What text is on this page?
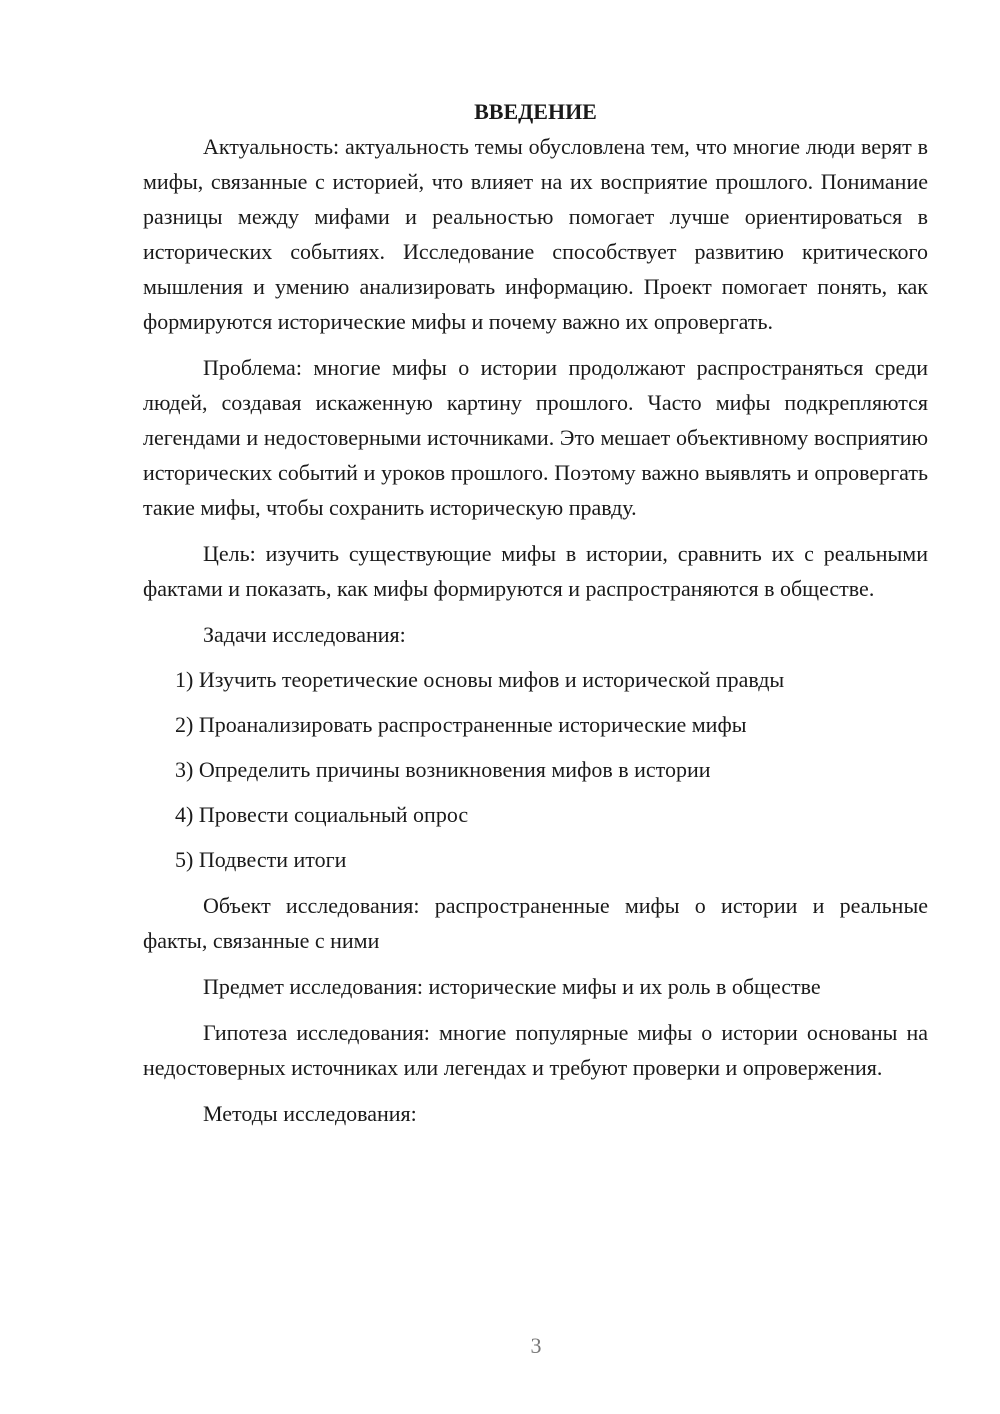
ВВЕДЕНИЕ

Актуальность: актуальность темы обусловлена тем, что многие люди верят в мифы, связанные с историей, что влияет на их восприятие прошлого. Понимание разницы между мифами и реальностью помогает лучше ориентироваться в исторических событиях. Исследование способствует развитию критического мышления и умению анализировать информацию. Проект помогает понять, как формируются исторические мифы и почему важно их опровергать.

Проблема: многие мифы о истории продолжают распространяться среди людей, создавая искаженную картину прошлого. Часто мифы подкрепляются легендами и недостоверными источниками. Это мешает объективному восприятию исторических событий и уроков прошлого. Поэтому важно выявлять и опровергать такие мифы, чтобы сохранить историческую правду.

Цель: изучить существующие мифы в истории, сравнить их с реальными фактами и показать, как мифы формируются и распространяются в обществе.

Задачи исследования:

1) Изучить теоретические основы мифов и исторической правды

2) Проанализировать распространенные исторические мифы

3) Определить причины возникновения мифов в истории

4) Провести социальный опрос

5) Подвести итоги

Объект исследования: распространенные мифы о истории и реальные факты, связанные с ними

Предмет исследования: исторические мифы и их роль в обществе

Гипотеза исследования: многие популярные мифы о истории основаны на недостоверных источниках или легендах и требуют проверки и опровержения.

Методы исследования:

3
